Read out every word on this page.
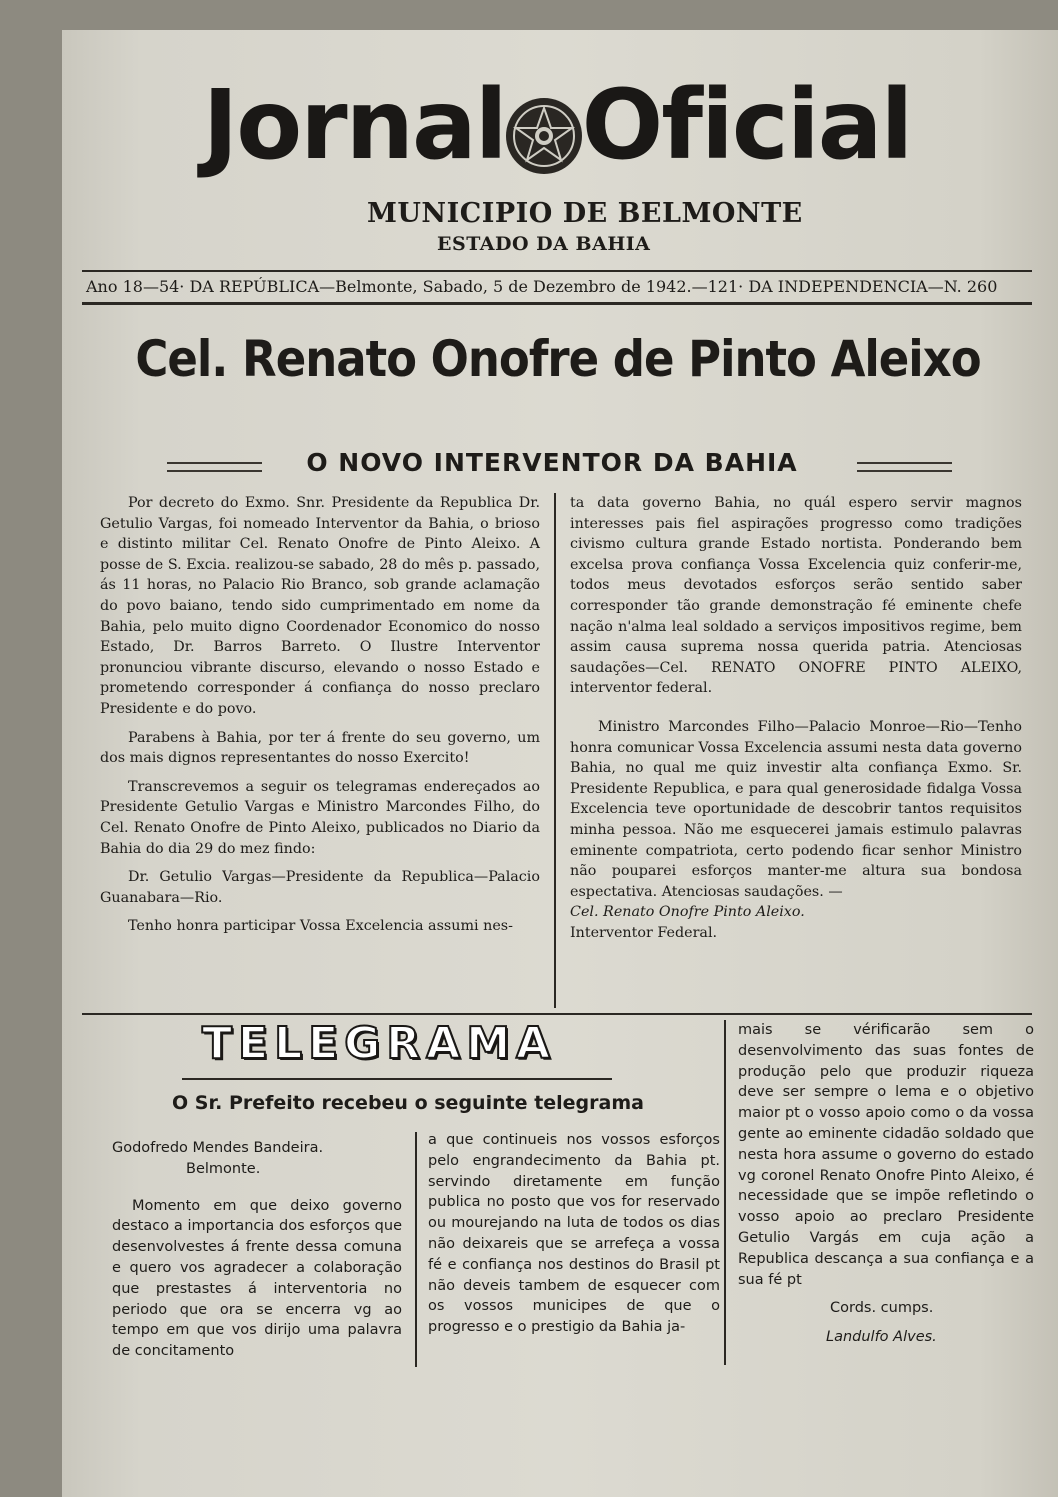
Jornal Oficial
MUNICIPIO DE BELMONTE
ESTADO DA BAHIA
Ano 18—54· DA REPÚBLICA—Belmonte, Sabado, 5 de Dezembro de 1942.—121· DA INDEPENDENCIA—N. 260
Cel. Renato Onofre de Pinto Aleixo
O NOVO INTERVENTOR DA BAHIA

Por decreto do Exmo. Snr. Presidente da Republica Dr. Getulio Vargas, foi nomeado Interventor da Bahia, o brioso e distinto militar Cel. Renato Onofre de Pinto Aleixo. A posse de S. Excia. realizou-se sabado, 28 do mês p. passado, ás 11 horas, no Palacio Rio Branco, sob grande aclamação do povo baiano, tendo sido cumprimentado em nome da Bahia, pelo muito digno Coordenador Economico do nosso Estado, Dr. Barros Barreto. O Ilustre Interventor pronunciou vibrante discurso, elevando o nosso Estado e prometendo corresponder á confiança do nosso preclaro Presidente e do povo.

Parabens à Bahia, por ter á frente do seu governo, um dos mais dignos representantes do nosso Exercito!

Transcrevemos a seguir os telegramas endereçados ao Presidente Getulio Vargas e Ministro Marcondes Filho, do Cel. Renato Onofre de Pinto Aleixo, publicados no Diario da Bahia do dia 29 do mez findo:

Dr. Getulio Vargas—Presidente da Republica—Palacio Guanabara—Rio.

Tenho honra participar Vossa Excelencia assumi nes-

ta data governo Bahia, no quál espero servir magnos interesses pais fiel aspirações progresso como tradições civismo cultura grande Estado nortista. Ponderando bem excelsa prova confiança Vossa Excelencia quiz conferir-me, todos meus devotados esforços serão sentido saber corresponder tão grande demonstração fé eminente chefe nação n'alma leal soldado a serviços impositivos regime, bem assim causa suprema nossa querida patria. Atenciosas saudações—Cel. RENATO ONOFRE PINTO ALEIXO, interventor federal.

Ministro Marcondes Filho—Palacio Monroe—Rio—Tenho honra comunicar Vossa Excelencia assumi nesta data governo Bahia, no qual me quiz investir alta confiança Exmo. Sr. Presidente Republica, e para qual generosidade fidalga Vossa Excelencia teve oportunidade de descobrir tantos requisitos minha pessoa. Não me esquecerei jamais estimulo palavras eminente compatriota, certo podendo ficar senhor Ministro não pouparei esforços manter-me altura sua bondosa espectativa. Atenciosas saudações. —

Cel. Renato Onofre Pinto Aleixo.

Interventor Federal.

TELEGRAMA
O Sr. Prefeito recebeu o seguinte telegrama

Godofredo Mendes Bandeira.

Belmonte.

Momento em que deixo governo destaco a importancia dos esforços que desenvolvestes á frente dessa comuna e quero vos agradecer a colaboração que prestastes á interventoria no periodo que ora se encerra vg ao tempo em que vos dirijo uma palavra de concitamento

a que continueis nos vossos esforços pelo engrandecimento da Bahia pt. servindo diretamente em função publica no posto que vos for reservado ou mourejando na luta de todos os dias não deixareis que se arrefeça a vossa fé e confiança nos destinos do Brasil pt não deveis tambem de esquecer com os vossos municipes de que o progresso e o prestigio da Bahia ja-

mais se vérificarão sem o desenvolvimento das suas fontes de produção pelo que produzir riqueza deve ser sempre o lema e o objetivo maior pt o vosso apoio como o da vossa gente ao eminente cidadão soldado que nesta hora assume o governo do estado vg coronel Renato Onofre Pinto Aleixo, é necessidade que se impõe refletindo o vosso apoio ao preclaro Presidente Getulio Vargás em cuja ação a Republica descança a sua confiança e a sua fé pt

Cords. cumps.

Landulfo Alves.
